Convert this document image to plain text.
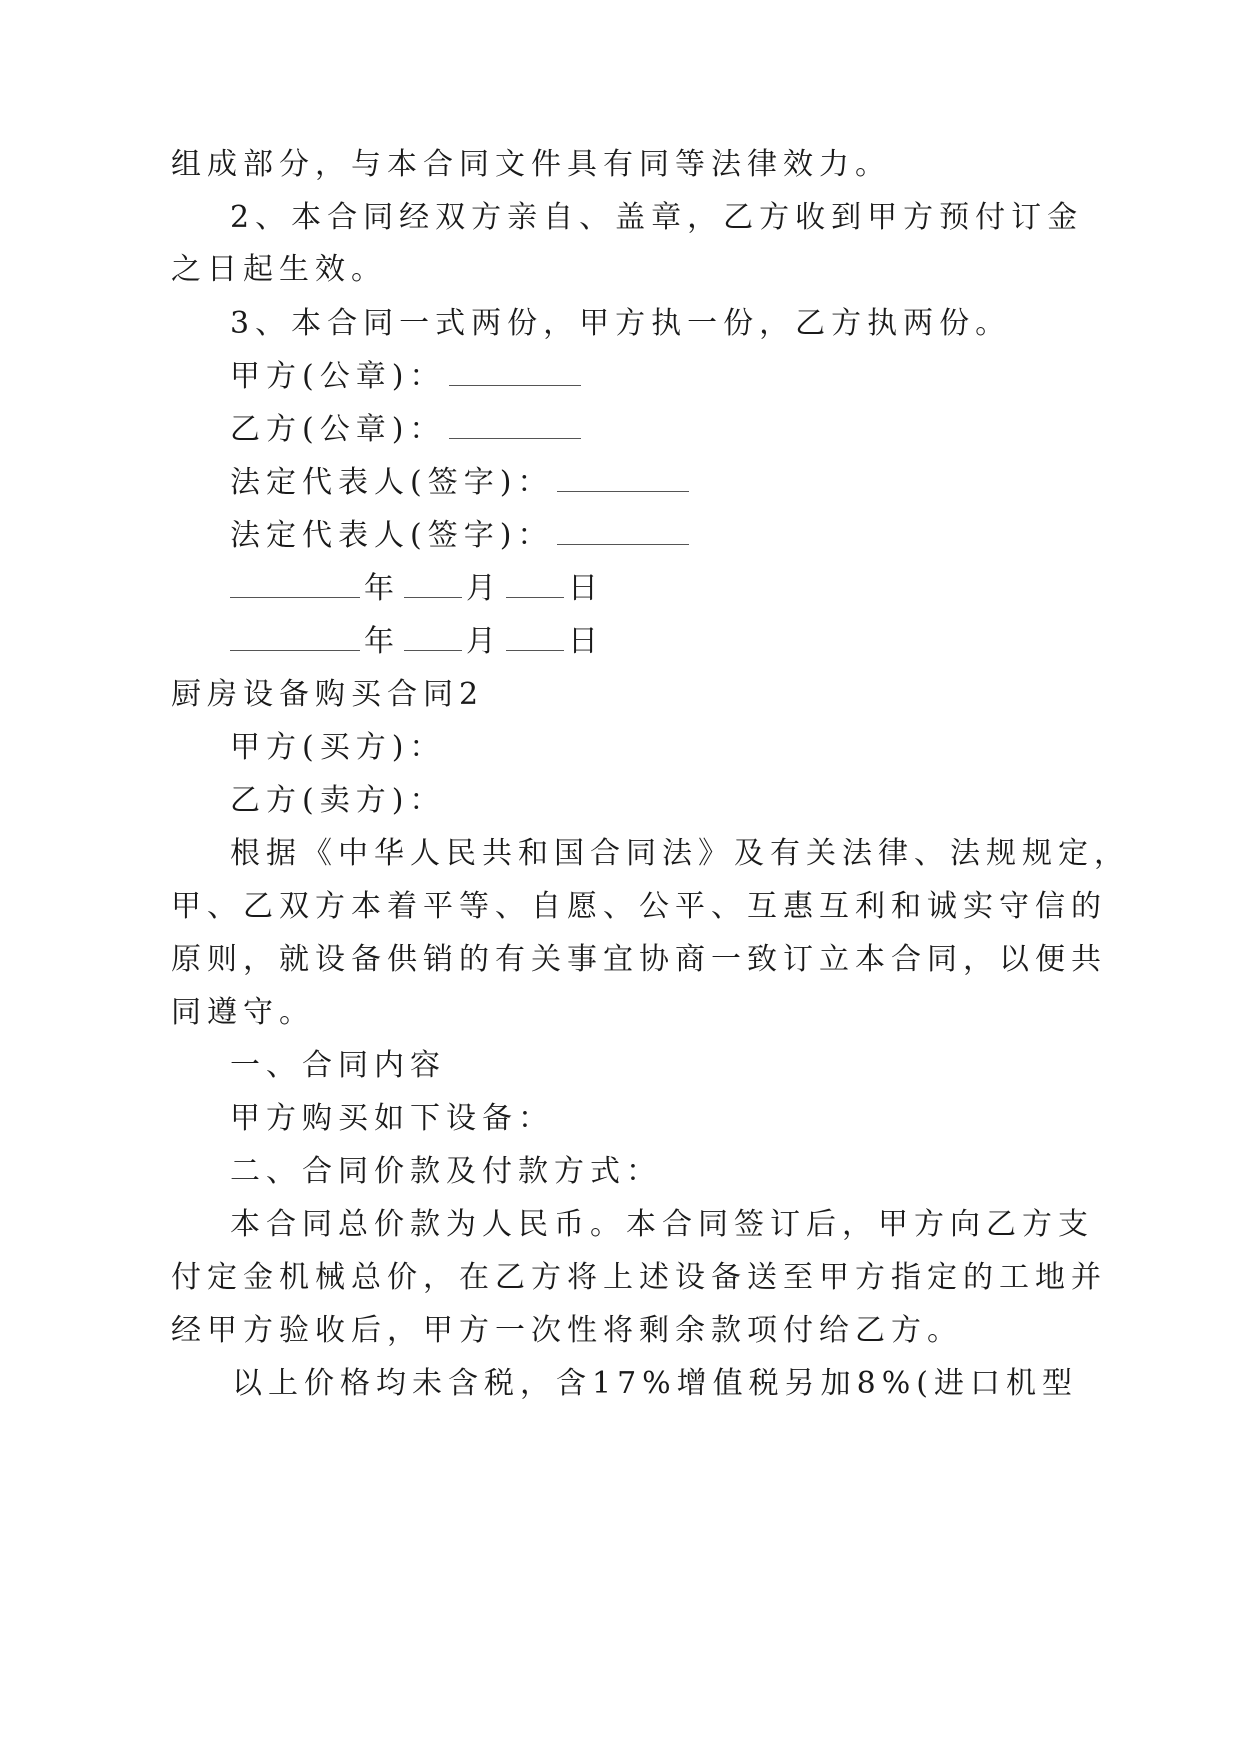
组成部分，与本合同文件具有同等法律效力。
2、本合同经双方亲自、盖章，乙方收到甲方预付订金
之日起生效。
3、本合同一式两份，甲方执一份，乙方执两份。
甲方(公章)：
乙方(公章)：
法定代表人(签字)：
法定代表人(签字)：
年 月 日
年 月 日
厨房设备购买合同2
甲方(买方)：
乙方(卖方)：
根据《中华人民共和国合同法》及有关法律、法规规定，
甲、乙双方本着平等、自愿、公平、互惠互利和诚实守信的
原则，就设备供销的有关事宜协商一致订立本合同，以便共
同遵守。
一、合同内容
甲方购买如下设备：
二、合同价款及付款方式：
本合同总价款为人民币。本合同签订后，甲方向乙方支
付定金机械总价，在乙方将上述设备送至甲方指定的工地并
经甲方验收后，甲方一次性将剩余款项付给乙方。
以上价格均未含税，含17%增值税另加8%(进口机型
